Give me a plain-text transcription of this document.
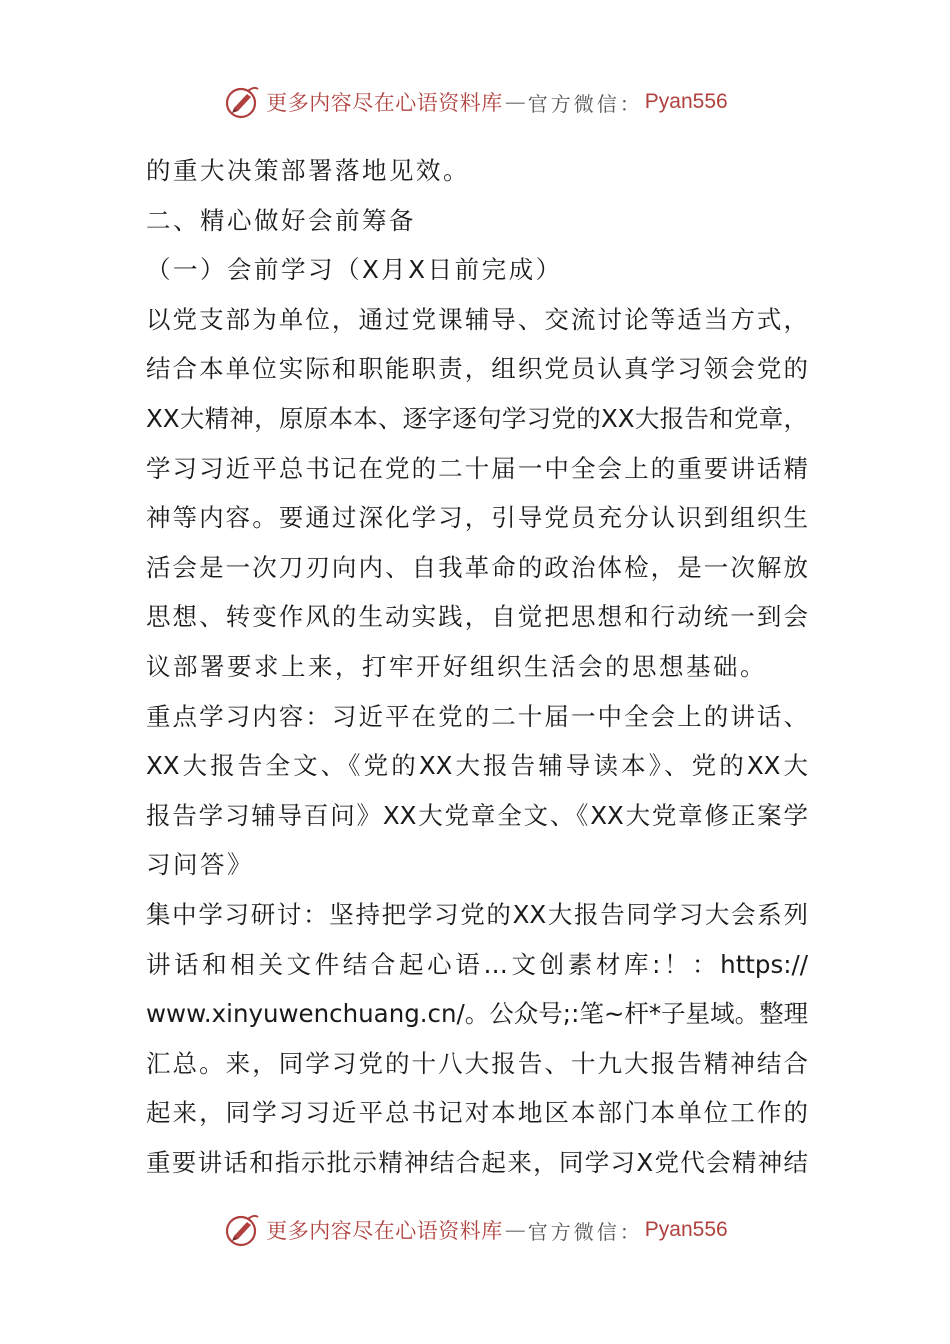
更多内容尽在心语资料库 — 官方微信： Pyan556
的重大决策部署落地见效。
二、精心做好会前筹备
（一）会前学习（X月X日前完成）
以党支部为单位，通过党课辅导、交流讨论等适当方式，
结合本单位实际和职能职责，组织党员认真学习领会党的
XX大精神，原原本本、逐字逐句学习党的XX大报告和党章，
学习习近平总书记在党的二十届一中全会上的重要讲话精
神等内容。要通过深化学习，引导党员充分认识到组织生
活会是一次刀刃向内、自我革命的政治体检，是一次解放
思想、转变作风的生动实践，自觉把思想和行动统一到会
议部署要求上来，打牢开好组织生活会的思想基础。
重点学习内容：习近平在党的二十届一中全会上的讲话、
XX大报告全文、《党的XX大报告辅导读本》、党的XX大
报告学习辅导百问》XX大党章全文、《XX大党章修正案学
习问答》
集中学习研讨：坚持把学习党的XX大报告同学习大会系列
讲话和相关文件结合起心语…文创素材库:！：https://
www.xinyuwenchuang.cn/。公众号;:笔~杆*子星域。整理
汇总。来，同学习党的十八大报告、十九大报告精神结合
起来，同学习习近平总书记对本地区本部门本单位工作的
重要讲话和指示批示精神结合起来，同学习X党代会精神结
更多内容尽在心语资料库 — 官方微信： Pyan556
